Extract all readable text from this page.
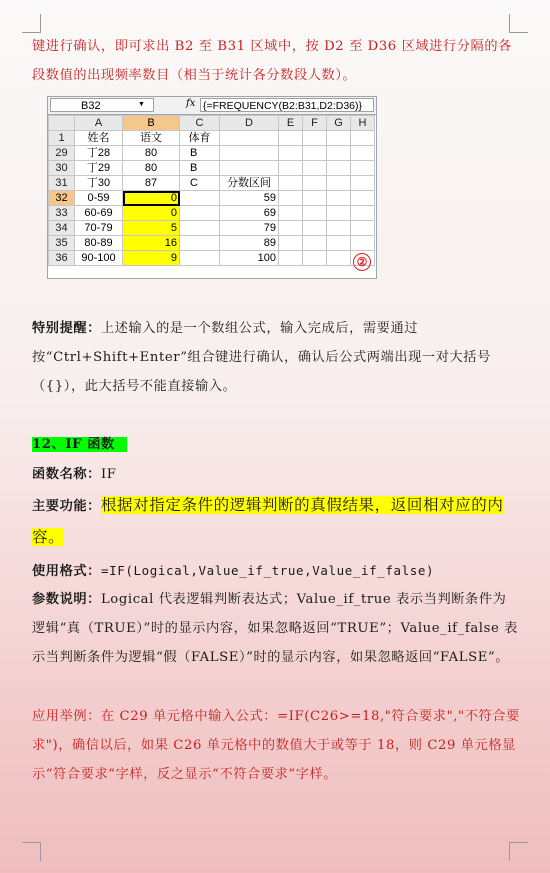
键进行确认，即可求出 B2 至 B31 区域中，按 D2 至 D36 区域进行分隔的各段数值的出现频率数目（相当于统计各分数段人数）。

B32	▼	fx {=FREQUENCY(B2:B31,D2:D36)}
	A	B	C	D	E	F	G	H
1	姓名	语文	体育					
29	丁28	80	B					
30	丁29	80	B					
31	丁30	87	C	分数区间				
32	0-59	0		59				
33	60-69	0		69				
34	70-79	5		79				
35	80-89	16		89				
36	90-100	9		100					②

特别提醒：上述输入的是一个数组公式，输入完成后，需要通过按“Ctrl+Shift+Enter”组合键进行确认，确认后公式两端出现一对大括号（{}），此大括号不能直接输入。

12、IF 函数

函数名称：IF

主要功能：根据对指定条件的逻辑判断的真假结果，返回相对应的内容。

使用格式：=IF(Logical,Value_if_true,Value_if_false)

参数说明：Logical 代表逻辑判断表达式；Value_if_true 表示当判断条件为逻辑“真（TRUE）”时的显示内容，如果忽略返回“TRUE”；Value_if_false 表示当判断条件为逻辑“假（FALSE）”时的显示内容，如果忽略返回“FALSE”。

应用举例：在 C29 单元格中输入公式：=IF(C26>=18,"符合要求","不符合要求")，确信以后，如果 C26 单元格中的数值大于或等于 18，则 C29 单元格显示“符合要求”字样，反之显示“不符合要求”字样。
